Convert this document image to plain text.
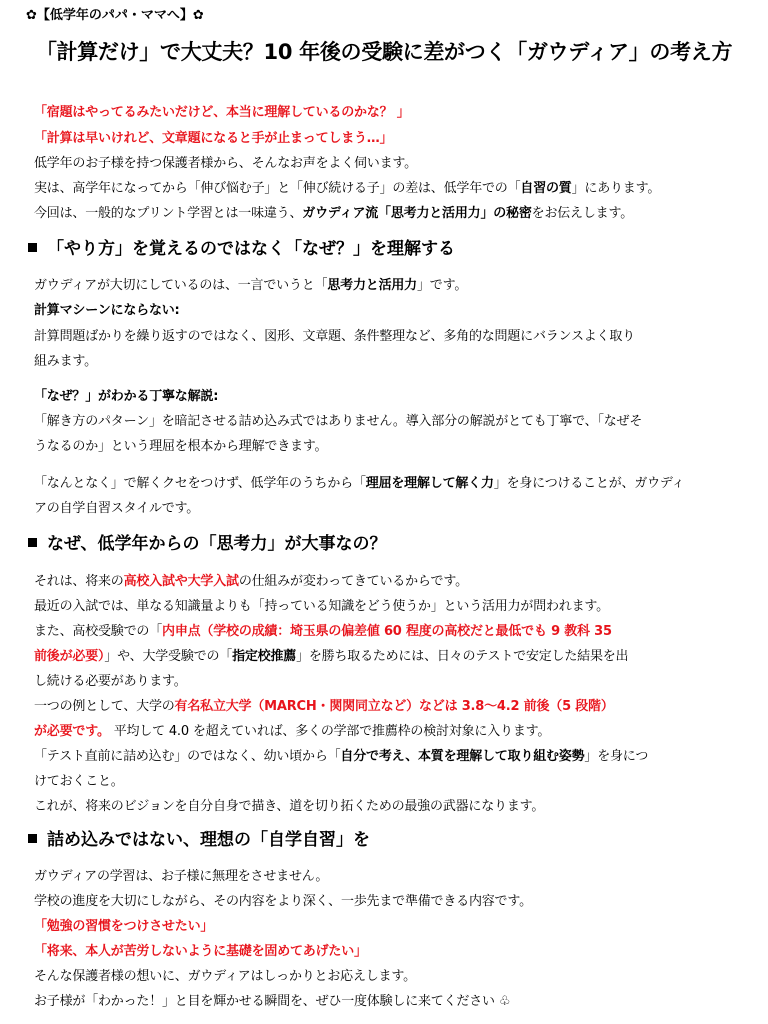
✿【低学年のパパ・ママへ】✿
「計算だけ」で大丈夫？10 年後の受験に差がつく「ガウディア」の考え方
「宿題はやってるみたいだけど、本当に理解しているのかな？ 」
「計算は早いけれど、文章題になると手が止まってしまう…」
低学年のお子様を持つ保護者様から、そんなお声をよく伺います。
実は、高学年になってから「伸び悩む子」と「伸び続ける子」の差は、低学年での「自習の質」にあります。
今回は、一般的なプリント学習とは一味違う、ガウディア流「思考力と活用力」の秘密をお伝えします。
「やり方」を覚えるのではなく「なぜ？」を理解する
ガウディアが大切にしているのは、一言でいうと「思考力と活用力」です。
計算マシーンにならない:
計算問題ばかりを繰り返すのではなく、図形、文章題、条件整理など、多角的な問題にバランスよく取り
組みます。
「なぜ？」がわかる丁寧な解説:
「解き方のパターン」を暗記させる詰め込み式ではありません。導入部分の解説がとても丁寧で、「なぜそ
うなるのか」という理屈を根本から理解できます。
「なんとなく」で解くクセをつけず、低学年のうちから「理屈を理解して解く力」を身につけることが、ガウディ
アの自学自習スタイルです。
なぜ、低学年からの「思考力」が大事なの？
それは、将来の高校入試や大学入試の仕組みが変わってきているからです。
最近の入試では、単なる知識量よりも「持っている知識をどう使うか」という活用力が問われます。
また、高校受験での「内申点（学校の成績：埼玉県の偏差値 60 程度の高校だと最低でも 9 教科 35
前後が必要）」や、大学受験での「指定校推薦」を勝ち取るためには、日々のテストで安定した結果を出
し続ける必要があります。
一つの例として、大学の有名私立大学（MARCH・関関同立など）などは 3.8～4.2 前後（5 段階）
が必要です。 平均して 4.0 を超えていれば、多くの学部で推薦枠の検討対象に入ります。
「テスト直前に詰め込む」のではなく、幼い頃から「自分で考え、本質を理解して取り組む姿勢」を身につ
けておくこと。
これが、将来のビジョンを自分自身で描き、道を切り拓くための最強の武器になります。
詰め込みではない、理想の「自学自習」を
ガウディアの学習は、お子様に無理をさせません。
学校の進度を大切にしながら、その内容をより深く、一歩先まで準備できる内容です。
「勉強の習慣をつけさせたい」
「将来、本人が苦労しないように基礎を固めてあげたい」
そんな保護者様の想いに、ガウディアはしっかりとお応えします。
お子様が「わかった！」と目を輝かせる瞬間を、ぜひ一度体験しに来てください ♧
